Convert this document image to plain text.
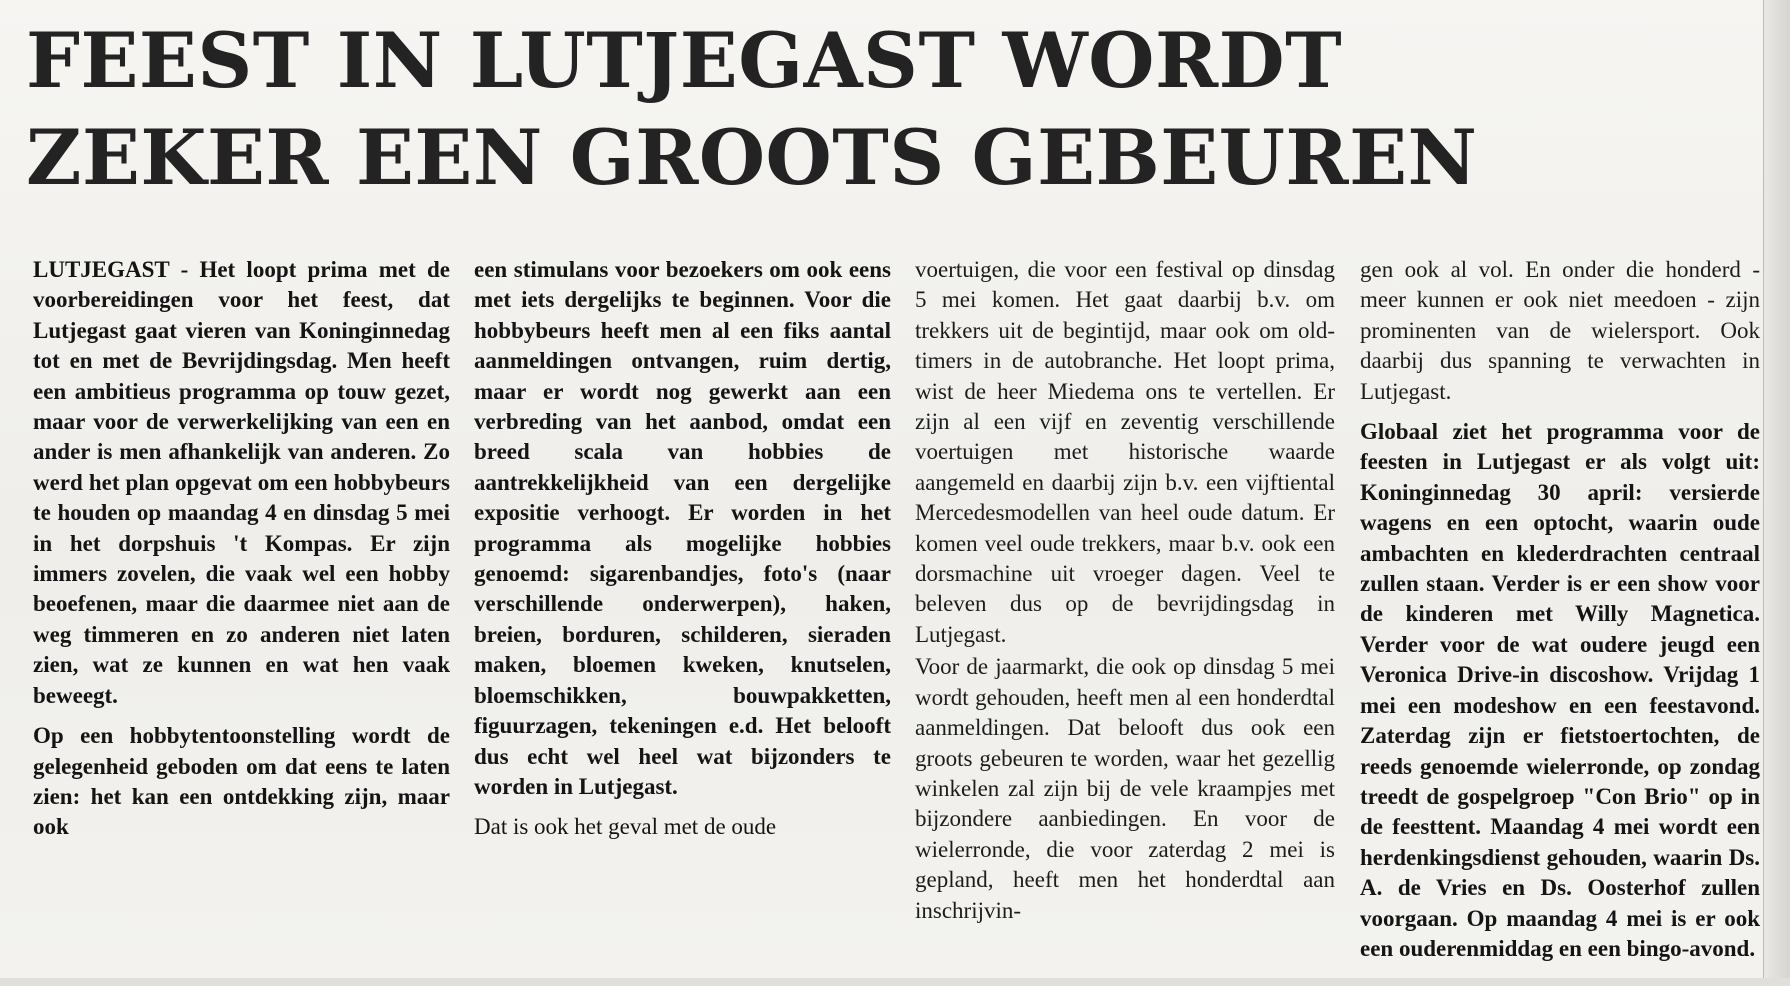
FEEST IN LUTJEGAST WORDT
ZEKER EEN GROOTS GEBEUREN

LUTJEGAST - Het loopt prima met de voorbereidingen voor het feest, dat Lutjegast gaat vieren van Koninginnedag tot en met de Bevrijdingsdag. Men heeft een ambitieus programma op touw gezet, maar voor de verwerkelijking van een en ander is men afhankelijk van anderen. Zo werd het plan opgevat om een hobbybeurs te houden op maandag 4 en dinsdag 5 mei in het dorpshuis 't Kompas. Er zijn immers zovelen, die vaak wel een hobby beoefenen, maar die daarmee niet aan de weg timmeren en zo anderen niet laten zien, wat ze kunnen en wat hen vaak beweegt.

Op een hobbytentoonstelling wordt de gelegenheid geboden om dat eens te laten zien: het kan een ontdekking zijn, maar ook

een stimulans voor bezoekers om ook eens met iets dergelijks te beginnen. Voor die hobbybeurs heeft men al een fiks aantal aanmeldingen ontvangen, ruim dertig, maar er wordt nog gewerkt aan een verbreding van het aanbod, omdat een breed scala van hobbies de aantrekkelijkheid van een dergelijke expositie verhoogt. Er worden in het programma als mogelijke hobbies genoemd: sigarenbandjes, foto's (naar verschillende onderwerpen), haken, breien, borduren, schilderen, sieraden maken, bloemen kweken, knutselen, bloemschikken, bouwpakketten, figuurzagen, tekeningen e.d. Het belooft dus echt wel heel wat bijzonders te worden in Lutjegast.

Dat is ook het geval met de oude

voertuigen, die voor een festival op dinsdag 5 mei komen. Het gaat daarbij b.v. om trekkers uit de begintijd, maar ook om old-timers in de autobranche. Het loopt prima, wist de heer Miedema ons te vertellen. Er zijn al een vijf en zeventig verschillende voertuigen met historische waarde aangemeld en daarbij zijn b.v. een vijftiental Mercedesmodellen van heel oude datum. Er komen veel oude trekkers, maar b.v. ook een dorsmachine uit vroeger dagen. Veel te beleven dus op de bevrijdingsdag in Lutjegast.

Voor de jaarmarkt, die ook op dinsdag 5 mei wordt gehouden, heeft men al een honderdtal aanmeldingen. Dat belooft dus ook een groots gebeuren te worden, waar het gezellig winkelen zal zijn bij de vele kraampjes met bijzondere aanbiedingen. En voor de wielerronde, die voor zaterdag 2 mei is gepland, heeft men het honderdtal aan inschrijvin-

gen ook al vol. En onder die honderd - meer kunnen er ook niet meedoen - zijn prominenten van de wielersport. Ook daarbij dus spanning te verwachten in Lutjegast.

Globaal ziet het programma voor de feesten in Lutjegast er als volgt uit: Koninginnedag 30 april: versierde wagens en een optocht, waarin oude ambachten en klederdrachten centraal zullen staan. Verder is er een show voor de kinderen met Willy Magnetica. Verder voor de wat oudere jeugd een Veronica Drive-in discoshow. Vrijdag 1 mei een modeshow en een feestavond. Zaterdag zijn er fietstoertochten, de reeds genoemde wielerronde, op zondag treedt de gospelgroep "Con Brio" op in de feesttent. Maandag 4 mei wordt een herdenkingsdienst gehouden, waarin Ds. A. de Vries en Ds. Oosterhof zullen voorgaan. Op maandag 4 mei is er ook een ouderenmiddag en een bingo-avond.
